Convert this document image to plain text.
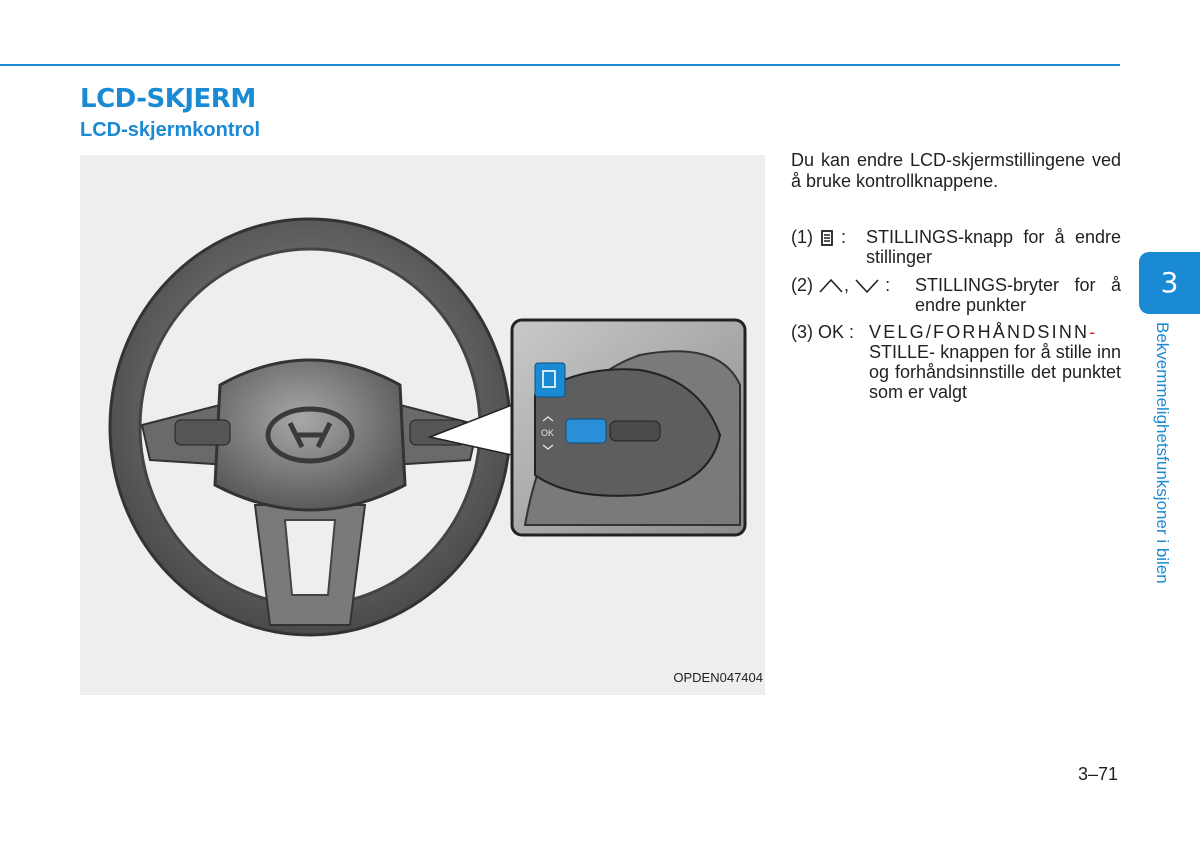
LCD-SKJERM
LCD-skjermkontrol
OK
OPDEN047404
Du kan endre LCD-skjermstillingene ved å bruke kontrollknappene.
(1) : STILLINGS-knapp for å endre stillinger
(2) , : STILLINGS-bryter for å endre punkter
(3) OK : VELG/FORHÅNDSINN- STILLE- knappen for å stille inn og forhåndsinnstille det punktet som er valgt
3
Bekvemmelighetsfunksjoner i bilen
3–71
